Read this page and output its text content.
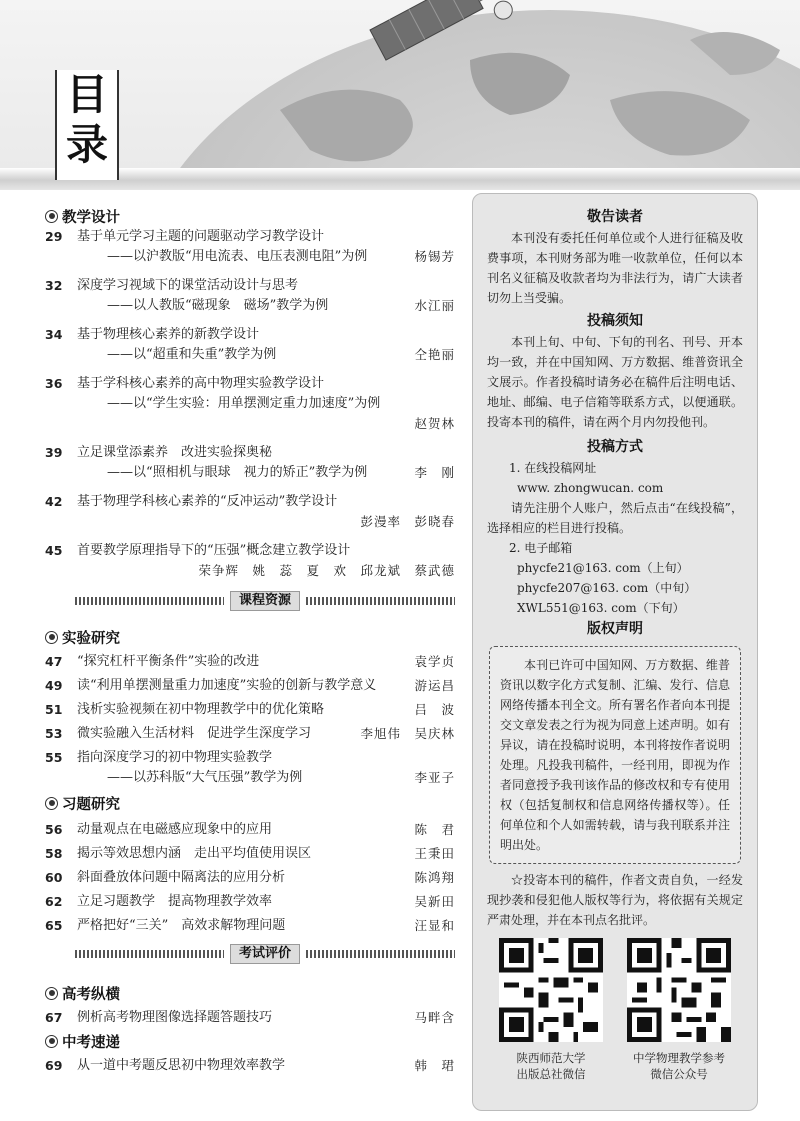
目
录
教学设计
29	基于单元学习主题的问题驱动学习教学设计
——以沪教版“用电流表、电压表测电阻”为例	杨锡芳
32	深度学习视域下的课堂活动设计与思考
——以人教版“磁现象　磁场”教学为例	水江丽
34	基于物理核心素养的新教学设计
——以“超重和失重”教学为例	仝艳丽
36	基于学科核心素养的高中物理实验教学设计
——以“学生实验：用单摆测定重力加速度”为例
赵贺林
39	立足课堂添素养　改进实验探奥秘
——以“照相机与眼球　视力的矫正”教学为例	李　刚
42	基于物理学科核心素养的“反冲运动”教学设计
彭漫率　彭晓春
45	首要教学原理指导下的“压强”概念建立教学设计
荣争辉　姚　蕊　夏　欢　邱龙斌　蔡武德
课程资源
实验研究
47	“探究杠杆平衡条件”实验的改进	袁学贞
49	读“利用单摆测量重力加速度”实验的创新与教学意义	游运昌
51	浅析实验视频在初中物理教学中的优化策略	吕　波
53	微实验融入生活材料　促进学生深度学习	李旭伟　吴庆林
55	指向深度学习的初中物理实验教学
——以苏科版“大气压强”教学为例	李亚子
习题研究
56	动量观点在电磁感应现象中的应用	陈　君
58	揭示等效思想内涵　走出平均值使用误区	王秉田
60	斜面叠放体问题中隔离法的应用分析	陈鸿翔
62	立足习题教学　提高物理教学效率	吴新田
65	严格把好“三关”　高效求解物理问题	汪显和
考试评价
高考纵横
67	例析高考物理图像选择题答题技巧	马畔含
中考速递
69	从一道中考题反思初中物理效率教学	韩　珺
敬告读者

本刊没有委托任何单位或个人进行征稿及收费事项，本刊财务部为唯一收款单位，任何以本刊名义征稿及收款者均为非法行为，请广大读者切勿上当受骗。

投稿须知

本刊上旬、中旬、下旬的刊名、刊号、开本均一致，并在中国知网、万方数据、维普资讯全文展示。作者投稿时请务必在稿件后注明电话、地址、邮编、电子信箱等联系方式，以便通联。投寄本刊的稿件，请在两个月内勿投他刊。

投稿方式

1. 在线投稿网址

www. zhongwucan. com

请先注册个人账户，然后点击“在线投稿”，选择相应的栏目进行投稿。

2. 电子邮箱

phycfe21@163. com（上旬）

phycfe207@163. com（中旬）

XWL551@163. com（下旬）

版权声明

本刊已许可中国知网、万方数据、维普资讯以数字化方式复制、汇编、发行、信息网络传播本刊全文。所有署名作者向本刊提交文章发表之行为视为同意上述声明。如有异议，请在投稿时说明，本刊将按作者说明处理。凡投我刊稿件，一经刊用，即视为作者同意授予我刊该作品的修改权和专有使用权（包括复制权和信息网络传播权等）。任何单位和个人如需转载，请与我刊联系并注明出处。

☆投寄本刊的稿件，作者文责自负，一经发现抄袭和侵犯他人版权等行为，将依据有关规定严肃处理，并在本刊点名批评。

陕西师范大学
出版总社微信
中学物理教学参考
微信公众号
